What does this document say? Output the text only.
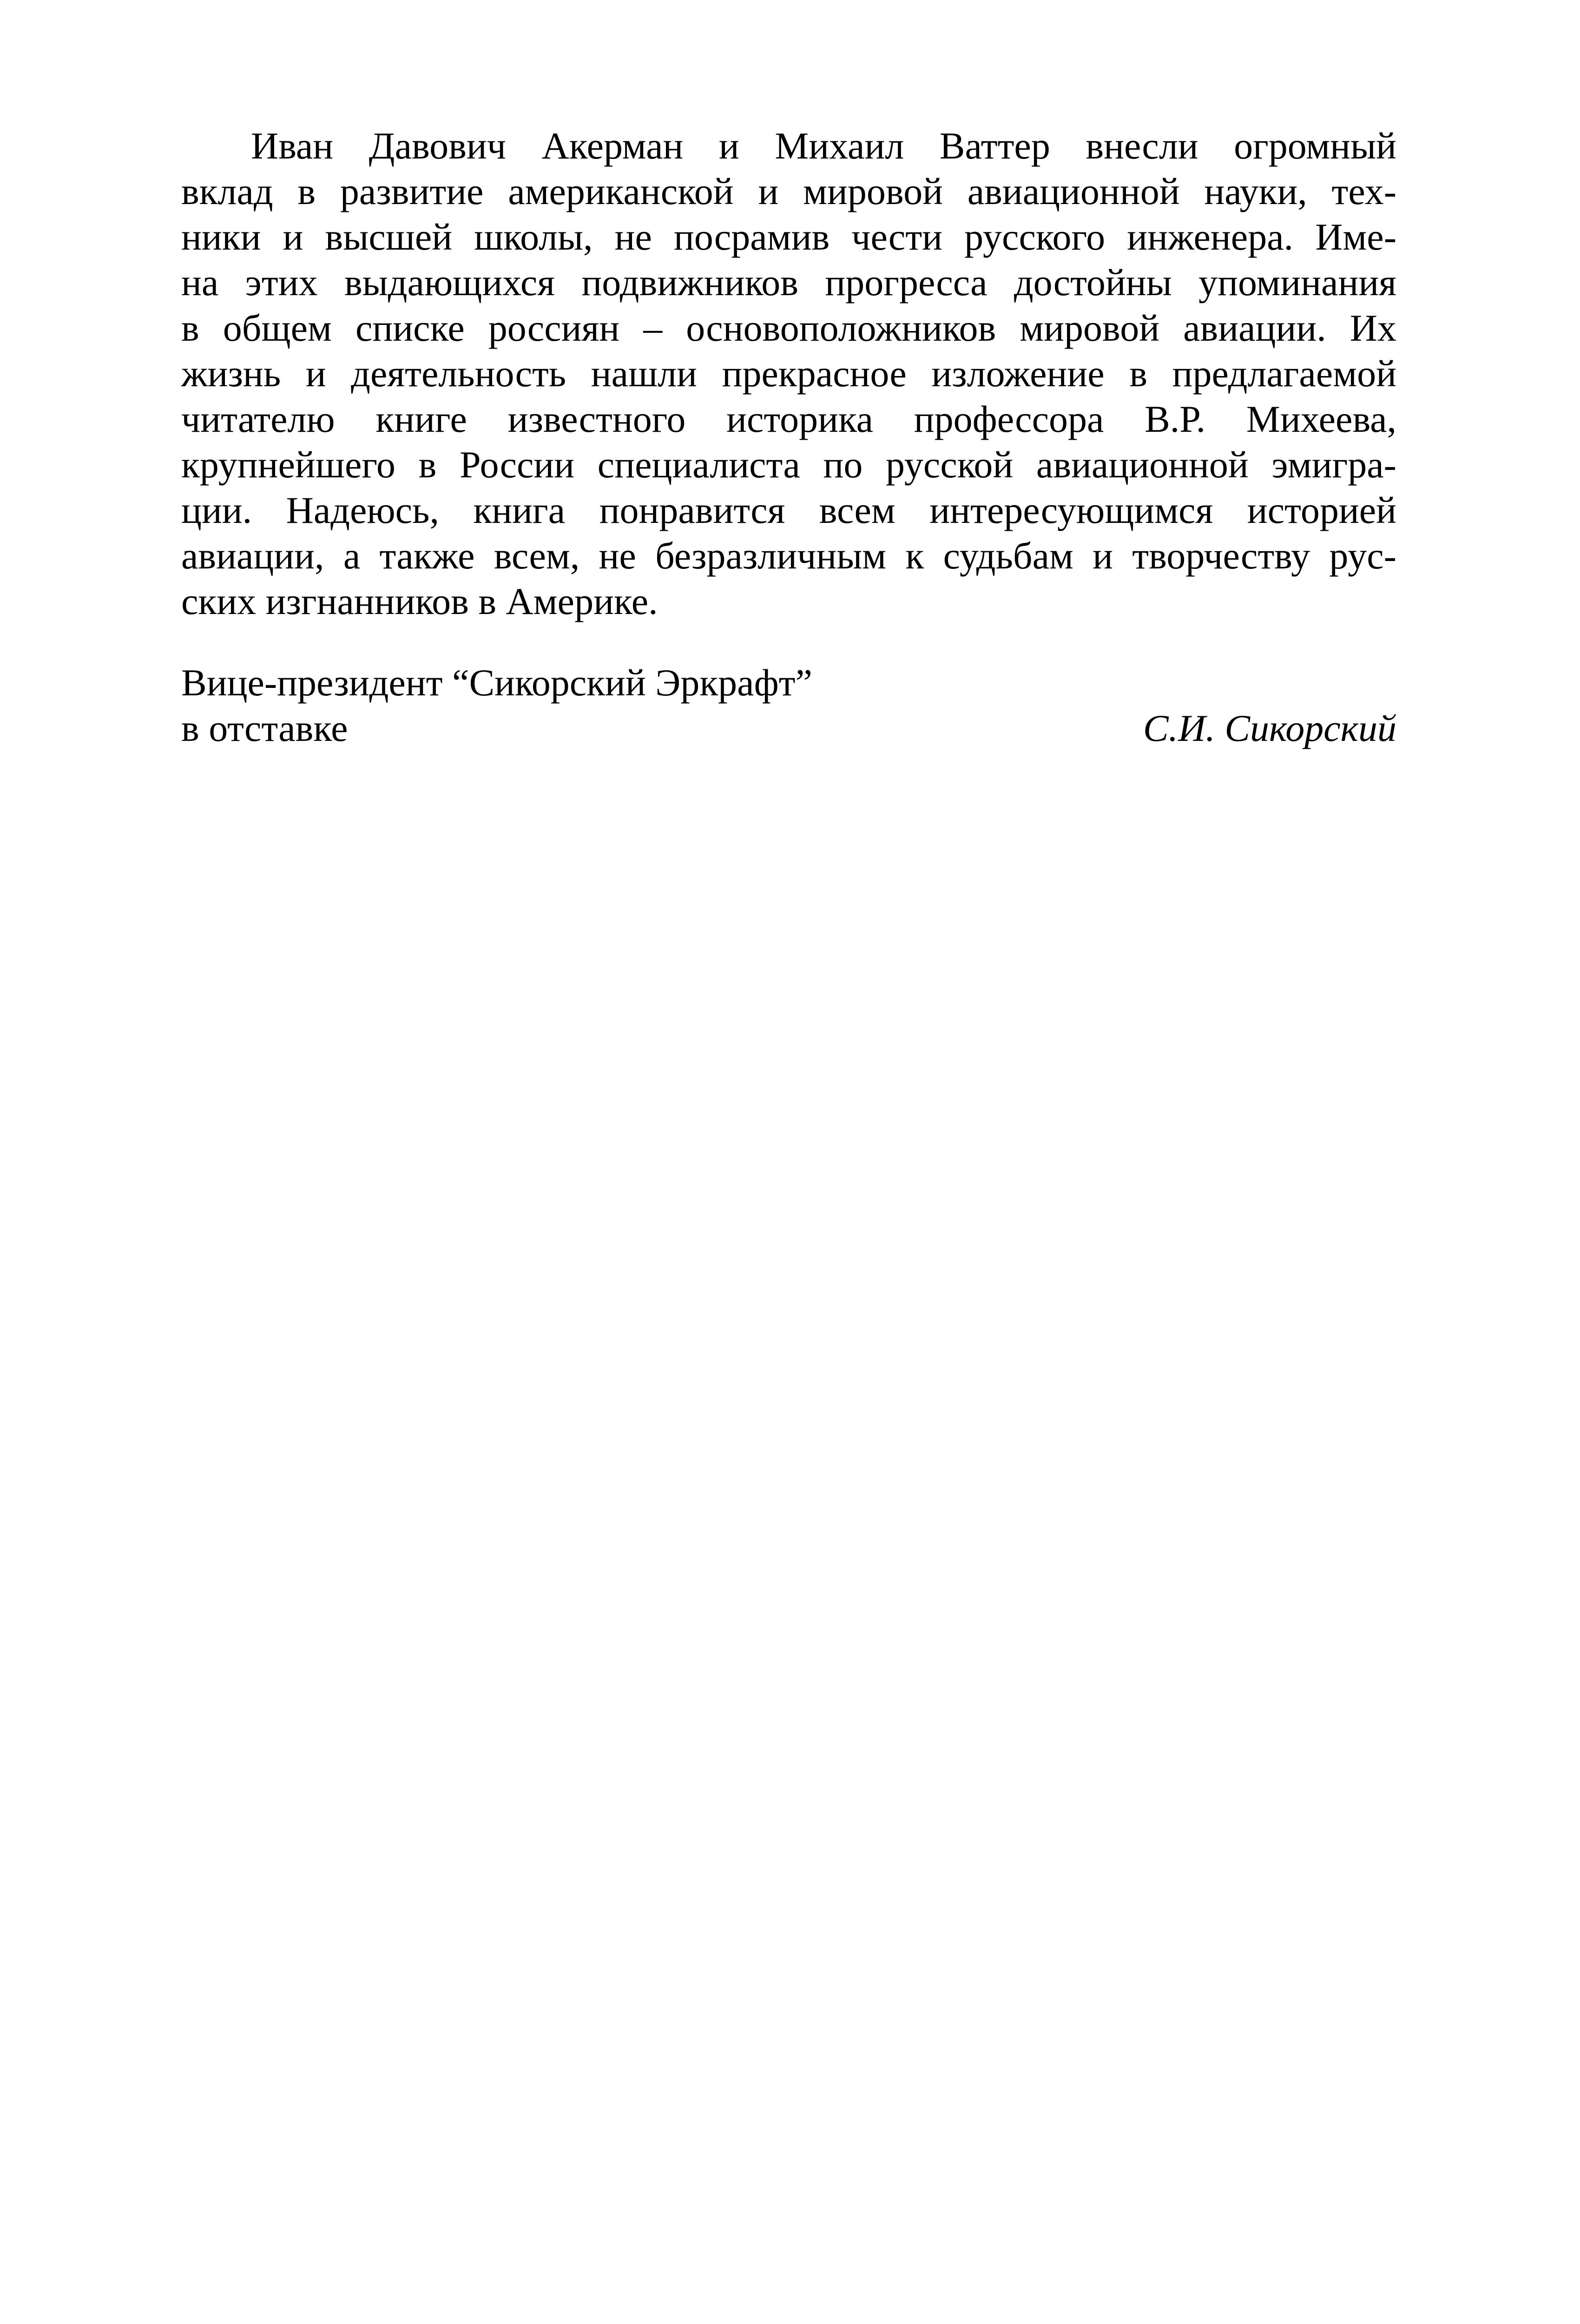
Иван Давович Акерман и Михаил Ваттер внесли огромный
вклад в развитие американской и мировой авиационной науки, тех-
ники и высшей школы, не посрамив чести русского инженера. Име-
на этих выдающихся подвижников прогресса достойны упоминания
в общем списке россиян – основоположников мировой авиации. Их
жизнь и деятельность нашли прекрасное изложение в предлагаемой
читателю книге известного историка профессора В.Р. Михеева,
крупнейшего в России специалиста по русской авиационной эмигра-
ции. Надеюсь, книга понравится всем интересующимся историей
авиации, а также всем, не безразличным к судьбам и творчеству рус-
ских изгнанников в Америке.
Вице-президент “Сикорский Эркрафт”
в отставке	С.И. Сикорский
